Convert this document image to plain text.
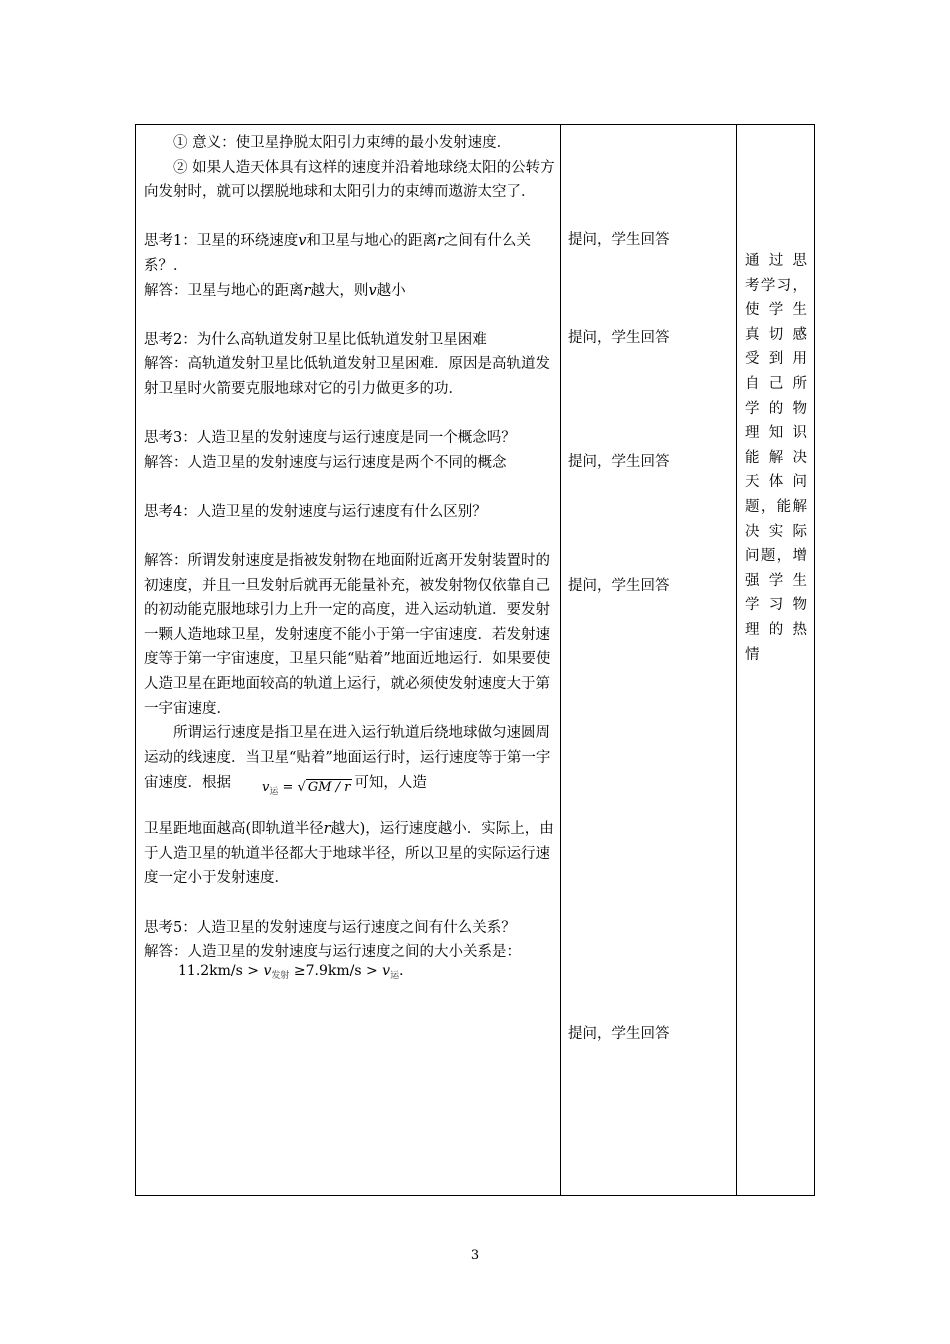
① 意义：使卫星挣脱太阳引力束缚的最小发射速度．

② 如果人造天体具有这样的速度并沿着地球绕太阳的公转方向发射时，就可以摆脱地球和太阳引力的束缚而遨游太空了．

思考1：卫星的环绕速度v和卫星与地心的距离r之间有什么关系？．

解答：卫星与地心的距离r越大，则v越小

思考2：为什么高轨道发射卫星比低轨道发射卫星困难

解答：高轨道发射卫星比低轨道发射卫星困难．原因是高轨道发射卫星时火箭要克服地球对它的引力做更多的功．

思考3：人造卫星的发射速度与运行速度是同一个概念吗？

解答：人造卫星的发射速度与运行速度是两个不同的概念

思考4：人造卫星的发射速度与运行速度有什么区别？

解答：所谓发射速度是指被发射物在地面附近离开发射装置时的初速度，并且一旦发射后就再无能量补充，被发射物仅依靠自己的初动能克服地球引力上升一定的高度，进入运动轨道．要发射一颗人造地球卫星，发射速度不能小于第一宇宙速度．若发射速度等于第一宇宙速度，卫星只能“贴着”地面近地运行．如果要使人造卫星在距地面较高的轨道上运行，就必须使发射速度大于第一宇宙速度．

所谓运行速度是指卫星在进入运行轨道后绕地球做匀速圆周运动的线速度．当卫星“贴着”地面运行时，运行速度等于第一宇宙速度．根据 $v_运$ = √ GM / r 可知，人造

卫星距地面越高(即轨道半径r越大)，运行速度越小．实际上，由于人造卫星的轨道半径都大于地球半径，所以卫星的实际运行速度一定小于发射速度．

思考5：人造卫星的发射速度与运行速度之间有什么关系？

解答：人造卫星的发射速度与运行速度之间的大小关系是：

$11.2km/s > v_{发射} \ge 7.9km/s > v_运$．

提问，学生回答
提问，学生回答
提问，学生回答
提问，学生回答
提问，学生回答
通过思
考学习，
使学生
真切感
受到用
自己所
学的物
理知识
能解决
天体问
题，能解
决实际
问题，增
强学生
学习物
理的热
情
3
